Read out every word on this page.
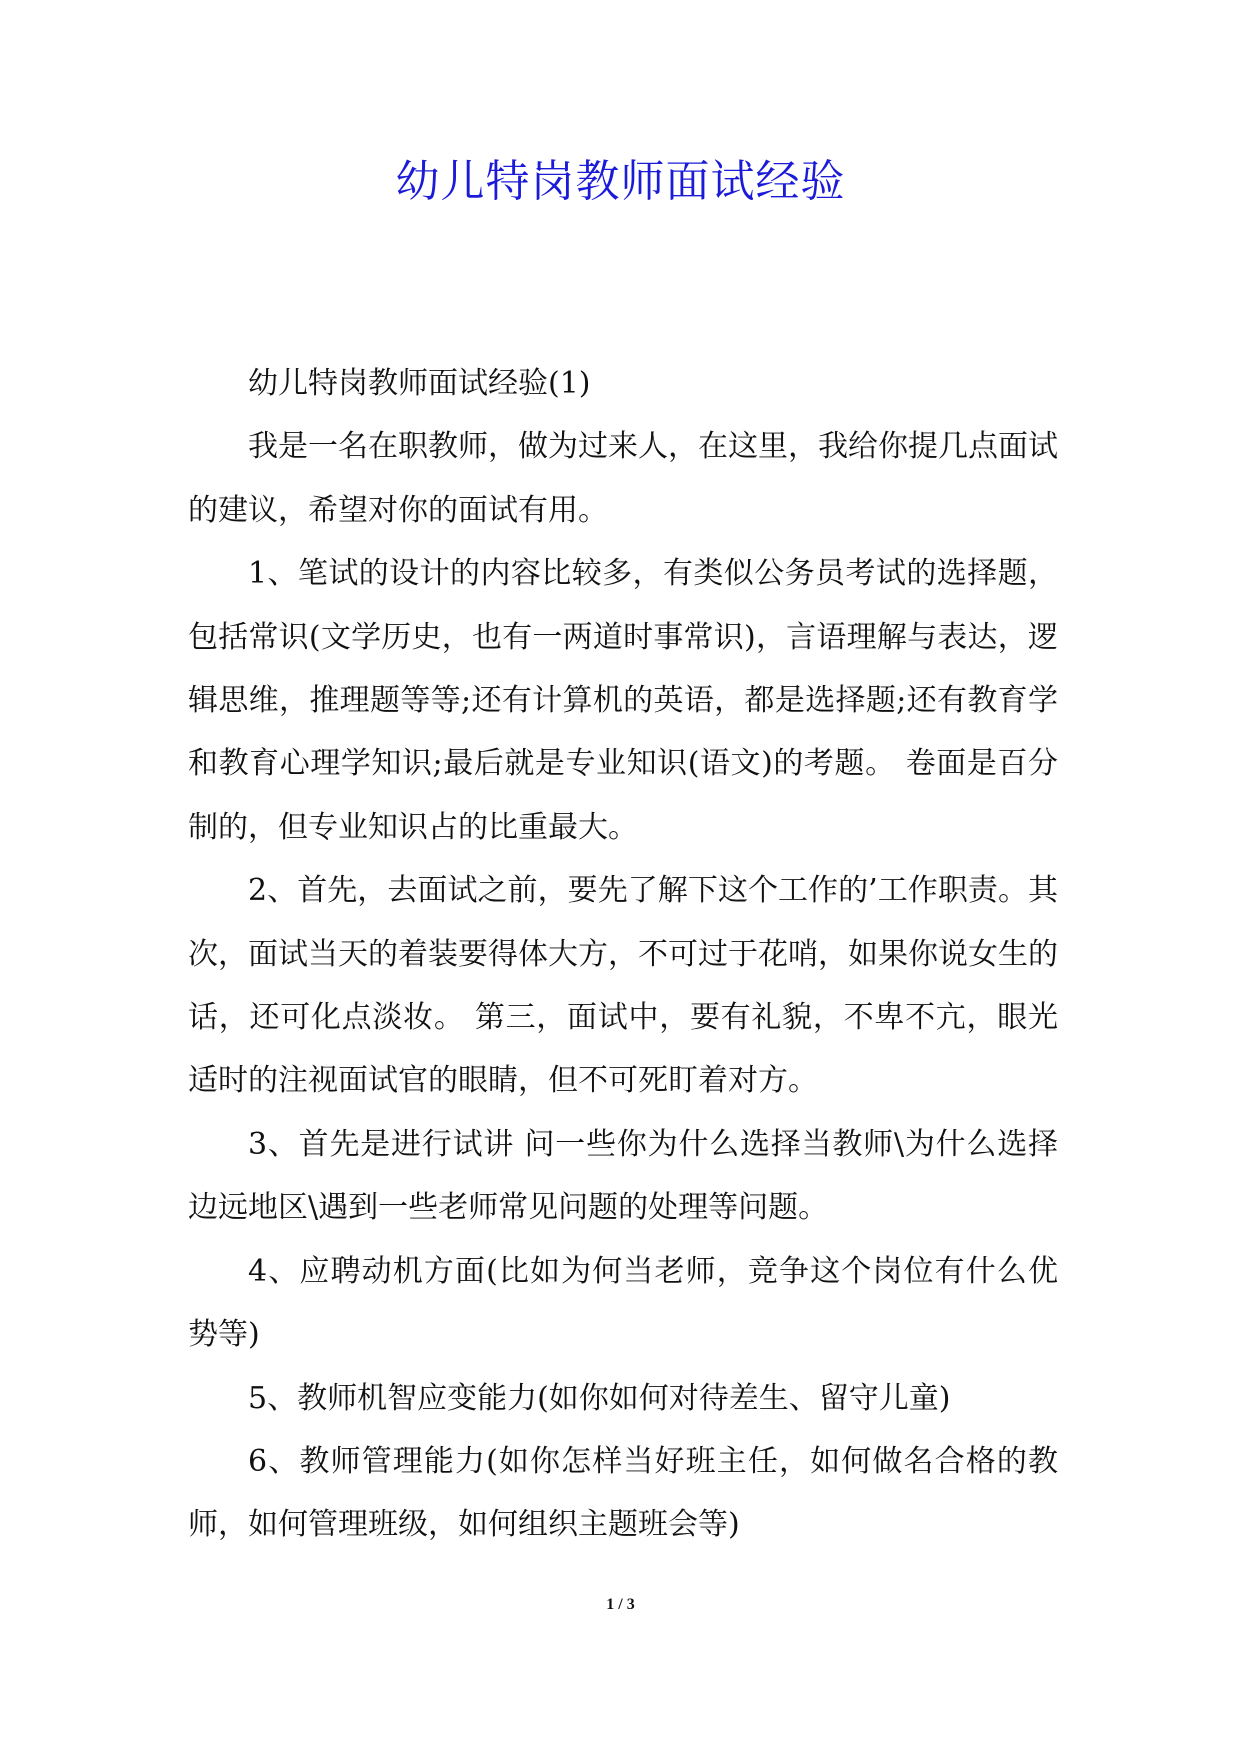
幼儿特岗教师面试经验

幼儿特岗教师面试经验(1)

我是一名在职教师，做为过来人，在这里，我给你提几点面试的建议，希望对你的面试有用。

1、笔试的设计的内容比较多，有类似公务员考试的选择题，包括常识(文学历史，也有一两道时事常识)，言语理解与表达，逻辑思维，推理题等等;还有计算机的英语，都是选择题;还有教育学和教育心理学知识;最后就是专业知识(语文)的考题。 卷面是百分制的，但专业知识占的比重最大。

2、首先，去面试之前，要先了解下这个工作的’工作职责。其次，面试当天的着装要得体大方，不可过于花哨，如果你说女生的话，还可化点淡妆。 第三，面试中，要有礼貌，不卑不亢，眼光适时的注视面试官的眼睛，但不可死盯着对方。

3、首先是进行试讲 问一些你为什么选择当教师\为什么选择边远地区\遇到一些老师常见问题的处理等问题。

4、应聘动机方面(比如为何当老师，竞争这个岗位有什么优势等)

5、教师机智应变能力(如你如何对待差生、留守儿童)

6、教师管理能力(如你怎样当好班主任，如何做名合格的教师，如何管理班级，如何组织主题班会等)

1 / 3
